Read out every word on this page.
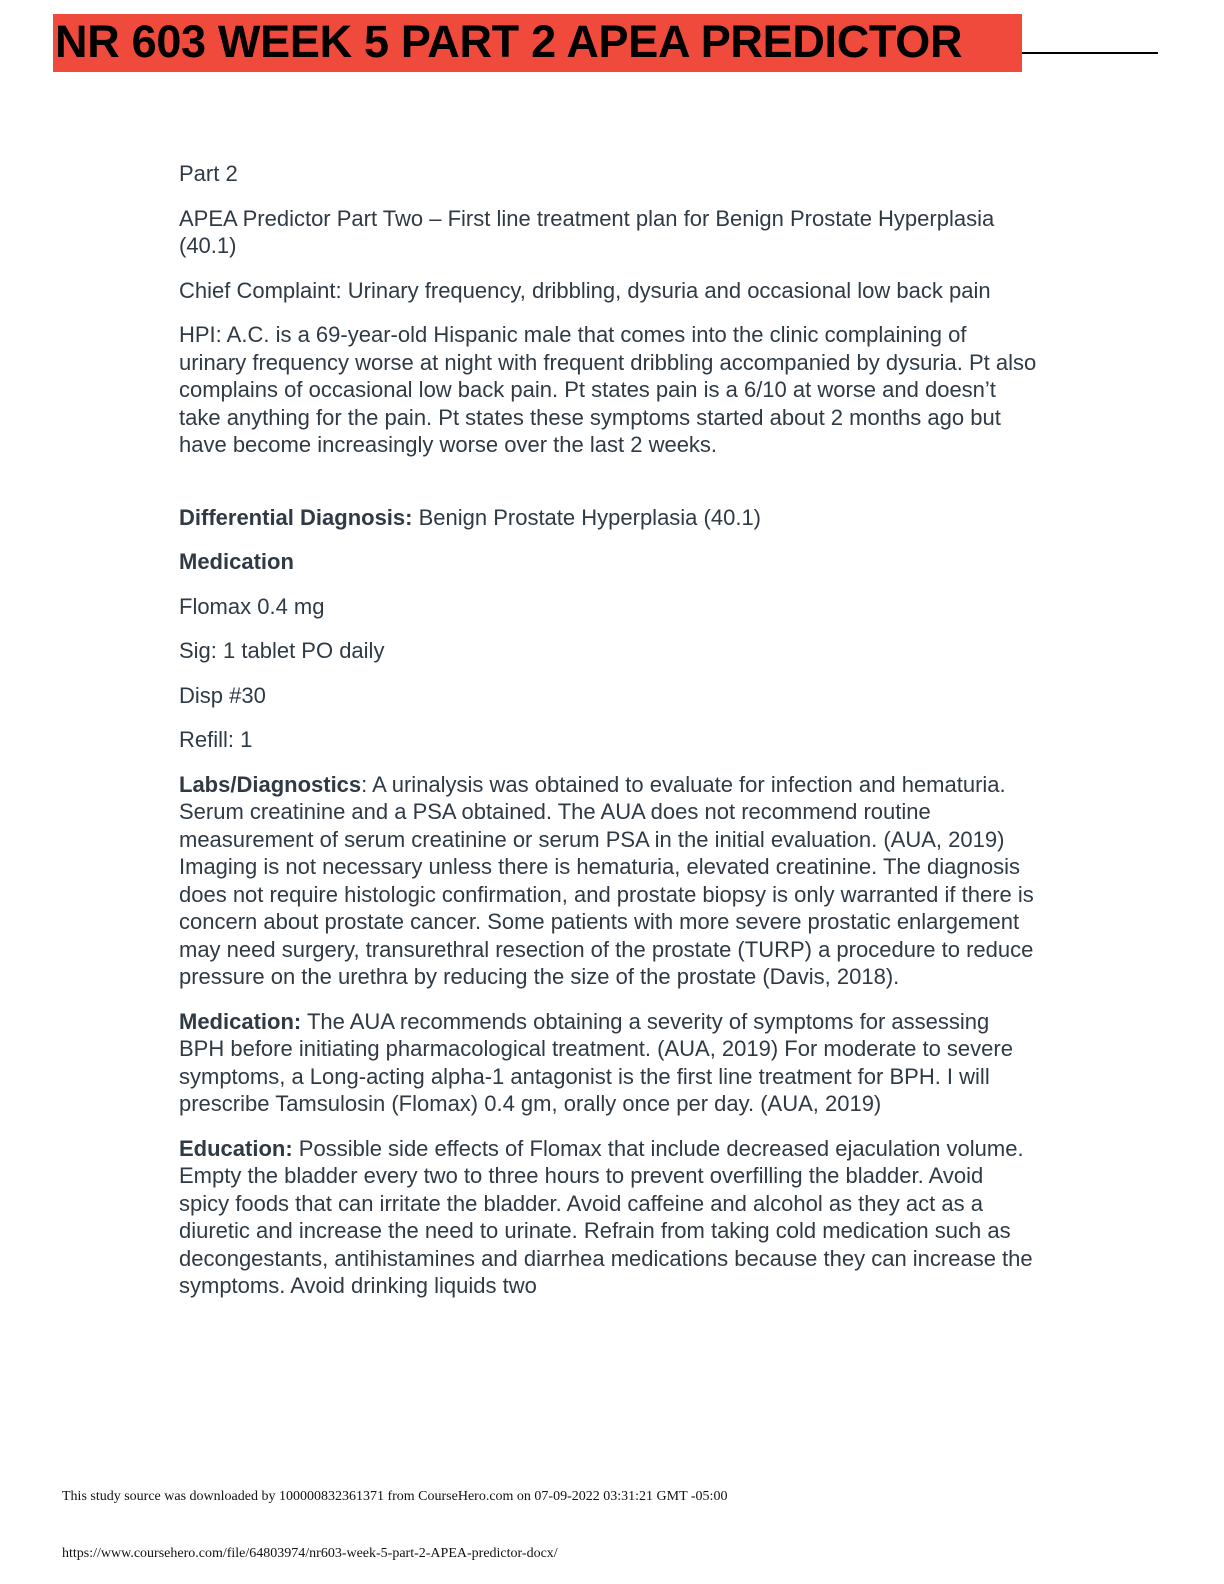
NR 603 WEEK 5 PART 2 APEA PREDICTOR

Part 2

APEA Predictor Part Two – First line treatment plan for Benign Prostate Hyperplasia (40.1)

Chief Complaint: Urinary frequency, dribbling, dysuria and occasional low back pain

HPI: A.C. is a 69-year-old Hispanic male that comes into the clinic complaining of urinary frequency worse at night with frequent dribbling accompanied by dysuria. Pt also complains of occasional low back pain. Pt states pain is a 6/10 at worse and doesn’t take anything for the pain. Pt states these symptoms started about 2 months ago but have become increasingly worse over the last 2 weeks.

Differential Diagnosis: Benign Prostate Hyperplasia (40.1)

Medication

Flomax 0.4 mg

Sig: 1 tablet PO daily

Disp #30

Refill: 1

Labs/Diagnostics: A urinalysis was obtained to evaluate for infection and hematuria. Serum creatinine and a PSA obtained. The AUA does not recommend routine measurement of serum creatinine or serum PSA in the initial evaluation. (AUA, 2019) Imaging is not necessary unless there is hematuria, elevated creatinine. The diagnosis does not require histologic confirmation, and prostate biopsy is only warranted if there is concern about prostate cancer. Some patients with more severe prostatic enlargement may need surgery, transurethral resection of the prostate (TURP) a procedure to reduce pressure on the urethra by reducing the size of the prostate (Davis, 2018).

Medication: The AUA recommends obtaining a severity of symptoms for assessing BPH before initiating pharmacological treatment. (AUA, 2019) For moderate to severe symptoms, a Long-acting alpha-1 antagonist is the first line treatment for BPH. I will prescribe Tamsulosin (Flomax) 0.4 gm, orally once per day. (AUA, 2019)

Education: Possible side effects of Flomax that include decreased ejaculation volume. Empty the bladder every two to three hours to prevent overfilling the bladder. Avoid spicy foods that can irritate the bladder. Avoid caffeine and alcohol as they act as a diuretic and increase the need to urinate. Refrain from taking cold medication such as decongestants, antihistamines and diarrhea medications because they can increase the symptoms. Avoid drinking liquids two

This study source was downloaded by 100000832361371 from CourseHero.com on 07-09-2022 03:31:21 GMT -05:00
https://www.coursehero.com/file/64803974/nr603-week-5-part-2-APEA-predictor-docx/
